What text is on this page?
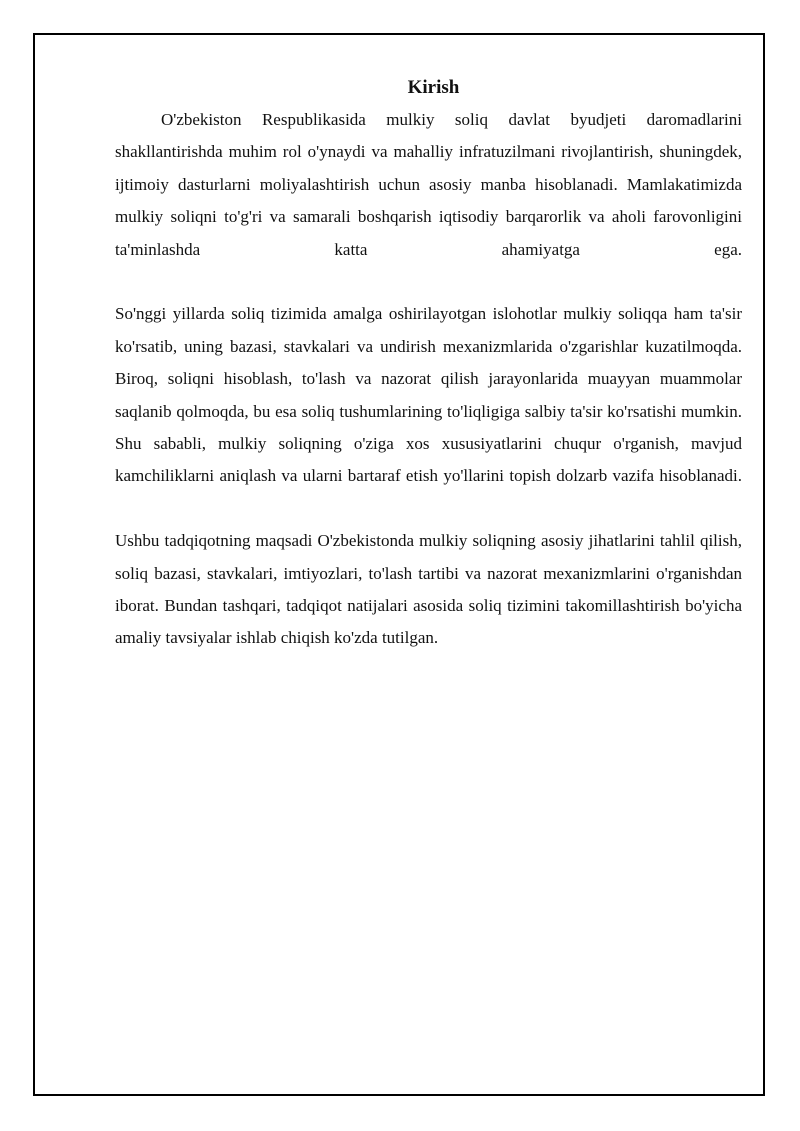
Kirish

O'zbekiston Respublikasida mulkiy soliq davlat byudjeti daromadlarini shakllantirishda muhim rol o'ynaydi va mahalliy infratuzilmani rivojlantirish, shuningdek, ijtimoiy dasturlarni moliyalashtirish uchun asosiy manba hisoblanadi. Mamlakatimizda mulkiy soliqni to'g'ri va samarali boshqarish iqtisodiy barqarorlik va aholi farovonligini ta'minlashda katta ahamiyatga ega.

So'nggi yillarda soliq tizimida amalga oshirilayotgan islohotlar mulkiy soliqqa ham ta'sir ko'rsatib, uning bazasi, stavkalari va undirish mexanizmlarida o'zgarishlar kuzatilmoqda. Biroq, soliqni hisoblash, to'lash va nazorat qilish jarayonlarida muayyan muammolar saqlanib qolmoqda, bu esa soliq tushumlarining to'liqligiga salbiy ta'sir ko'rsatishi mumkin. Shu sababli, mulkiy soliqning o'ziga xos xususiyatlarini chuqur o'rganish, mavjud kamchiliklarni aniqlash va ularni bartaraf etish yo'llarini topish dolzarb vazifa hisoblanadi.

Ushbu tadqiqotning maqsadi O'zbekistonda mulkiy soliqning asosiy jihatlarini tahlil qilish, soliq bazasi, stavkalari, imtiyozlari, to'lash tartibi va nazorat mexanizmlarini o'rganishdan iborat. Bundan tashqari, tadqiqot natijalari asosida soliq tizimini takomillashtirish bo'yicha amaliy tavsiyalar ishlab chiqish ko'zda tutilgan.
